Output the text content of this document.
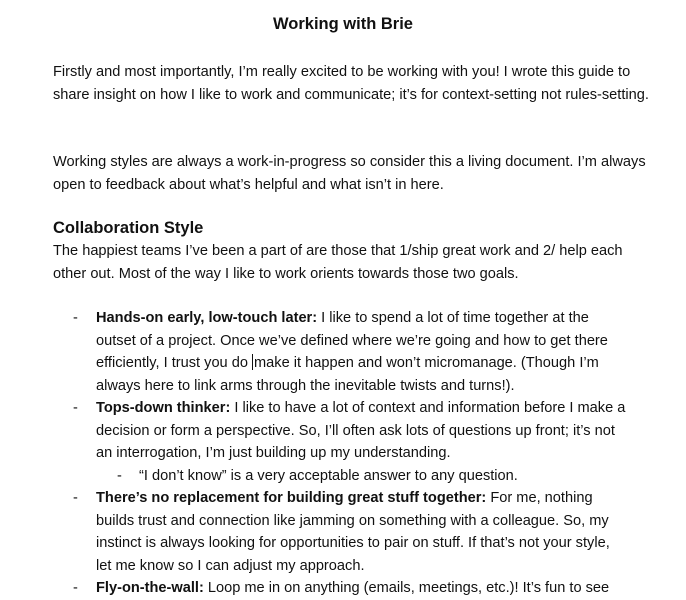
Working with Brie

Firstly and most importantly, I’m really excited to be working with you! I wrote this guide to share insight on how I like to work and communicate; it’s for context-setting not rules-setting.

Working styles are always a work-in-progress so consider this a living document. I’m always open to feedback about what’s helpful and what isn’t in here.

Collaboration Style

The happiest teams I’ve been a part of are those that 1/ship great work and 2/ help each other out. Most of the way I like to work orients towards those two goals.

- Hands-on early, low-touch later: I like to spend a lot of time together at the outset of a project. Once we’ve defined where we’re going and how to get there efficiently, I trust you do make it happen and won’t micromanage. (Though I’m always here to link arms through the inevitable twists and turns!).
- Tops-down thinker: I like to have a lot of context and information before I make a decision or form a perspective. So, I’ll often ask lots of questions up front; it’s not an interrogation, I’m just building up my understanding.
- “I don’t know” is a very acceptable answer to any question.
- There’s no replacement for building great stuff together: For me, nothing builds trust and connection like jamming on something with a colleague. So, my instinct is always looking for opportunities to pair on stuff. If that’s not your style, let me know so I can adjust my approach.
- Fly-on-the-wall: Loop me in on anything (emails, meetings, etc.)! It’s fun to see
